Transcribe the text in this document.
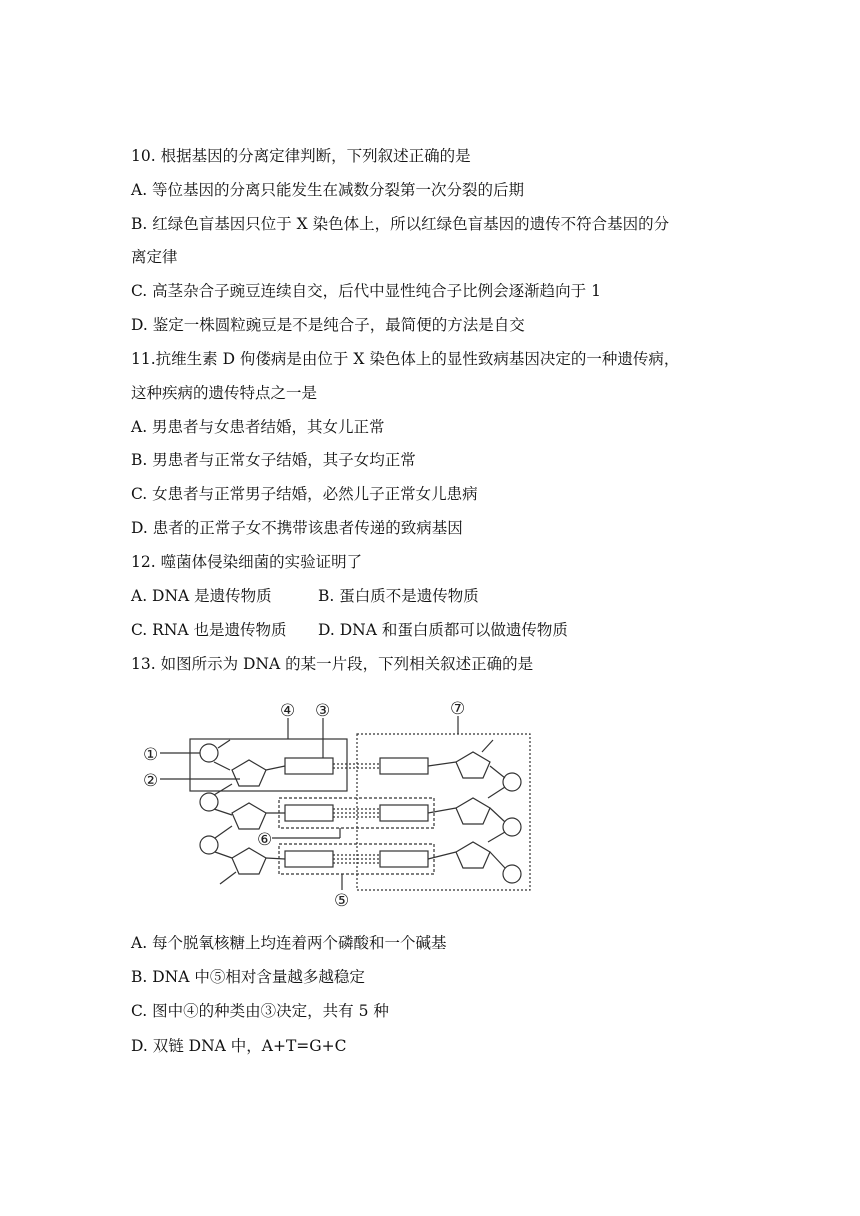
10. 根据基因的分离定律判断，下列叙述正确的是
A. 等位基因的分离只能发生在减数分裂第一次分裂的后期
B. 红绿色盲基因只位于 X 染色体上，所以红绿色盲基因的遗传不符合基因的分
离定律
C. 高茎杂合子豌豆连续自交，后代中显性纯合子比例会逐渐趋向于 1
D. 鉴定一株圆粒豌豆是不是纯合子，最简便的方法是自交
11.抗维生素 D 佝偻病是由位于 X 染色体上的显性致病基因决定的一种遗传病，
这种疾病的遗传特点之一是
A. 男患者与女患者结婚，其女儿正常
B. 男患者与正常女子结婚，其子女均正常
C. 女患者与正常男子结婚，必然儿子正常女儿患病
D. 患者的正常子女不携带该患者传递的致病基因
12. 噬菌体侵染细菌的实验证明了
A. DNA 是遗传物质	B. 蛋白质不是遗传物质
C. RNA 也是遗传物质 D. DNA 和蛋白质都可以做遗传物质
13. 如图所示为 DNA 的某一片段，下列相关叙述正确的是
①
②
④ ③	⑦
⑥
⑤
A. 每个脱氧核糖上均连着两个磷酸和一个碱基
B. DNA 中⑤相对含量越多越稳定
C. 图中④的种类由③决定，共有 5 种
D. 双链 DNA 中，A+T=G+C
